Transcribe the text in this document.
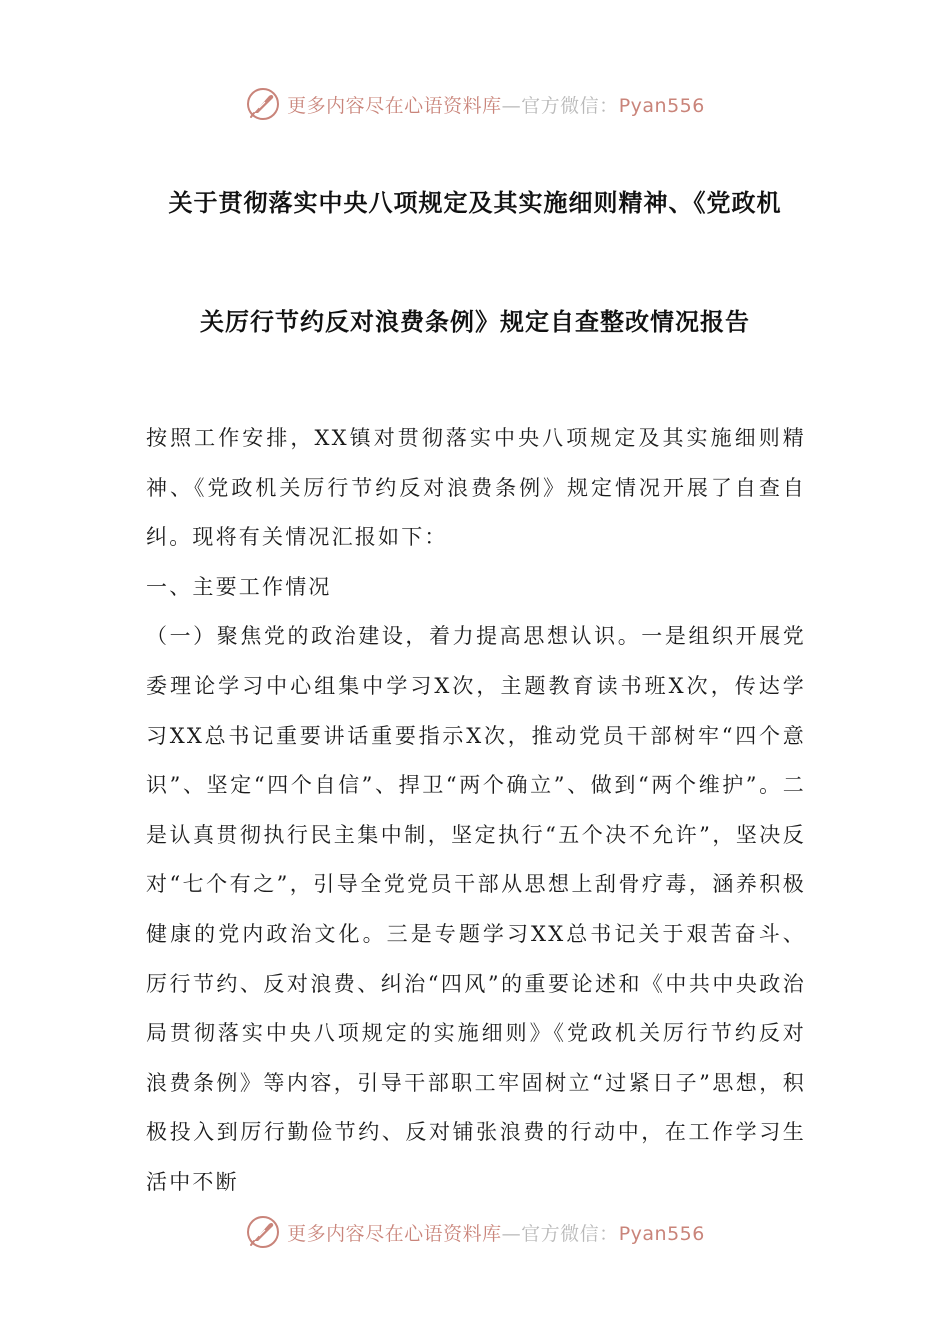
更多内容尽在心语资料库—官方微信：Pyan556
关于贯彻落实中央八项规定及其实施细则精神、《党政机
关厉行节约反对浪费条例》规定自查整改情况报告

按照工作安排，XX镇对贯彻落实中央八项规定及其实施细则精神、《党政机关厉行节约反对浪费条例》规定情况开展了自查自纠。现将有关情况汇报如下：

一、主要工作情况

（一）聚焦党的政治建设，着力提高思想认识。一是组织开展党委理论学习中心组集中学习X次，主题教育读书班X次，传达学习XX总书记重要讲话重要指示X次，推动党员干部树牢“四个意识”、坚定“四个自信”、捍卫“两个确立”、做到“两个维护”。二是认真贯彻执行民主集中制，坚定执行“五个决不允许”，坚决反对“七个有之”，引导全党党员干部从思想上刮骨疗毒，涵养积极健康的党内政治文化。三是专题学习XX总书记关于艰苦奋斗、厉行节约、反对浪费、纠治“四风”的重要论述和《中共中央政治局贯彻落实中央八项规定的实施细则》《党政机关厉行节约反对浪费条例》等内容，引导干部职工牢固树立“过紧日子”思想，积极投入到厉行勤俭节约、反对铺张浪费的行动中，在工作学习生活中不断

更多内容尽在心语资料库—官方微信：Pyan556
